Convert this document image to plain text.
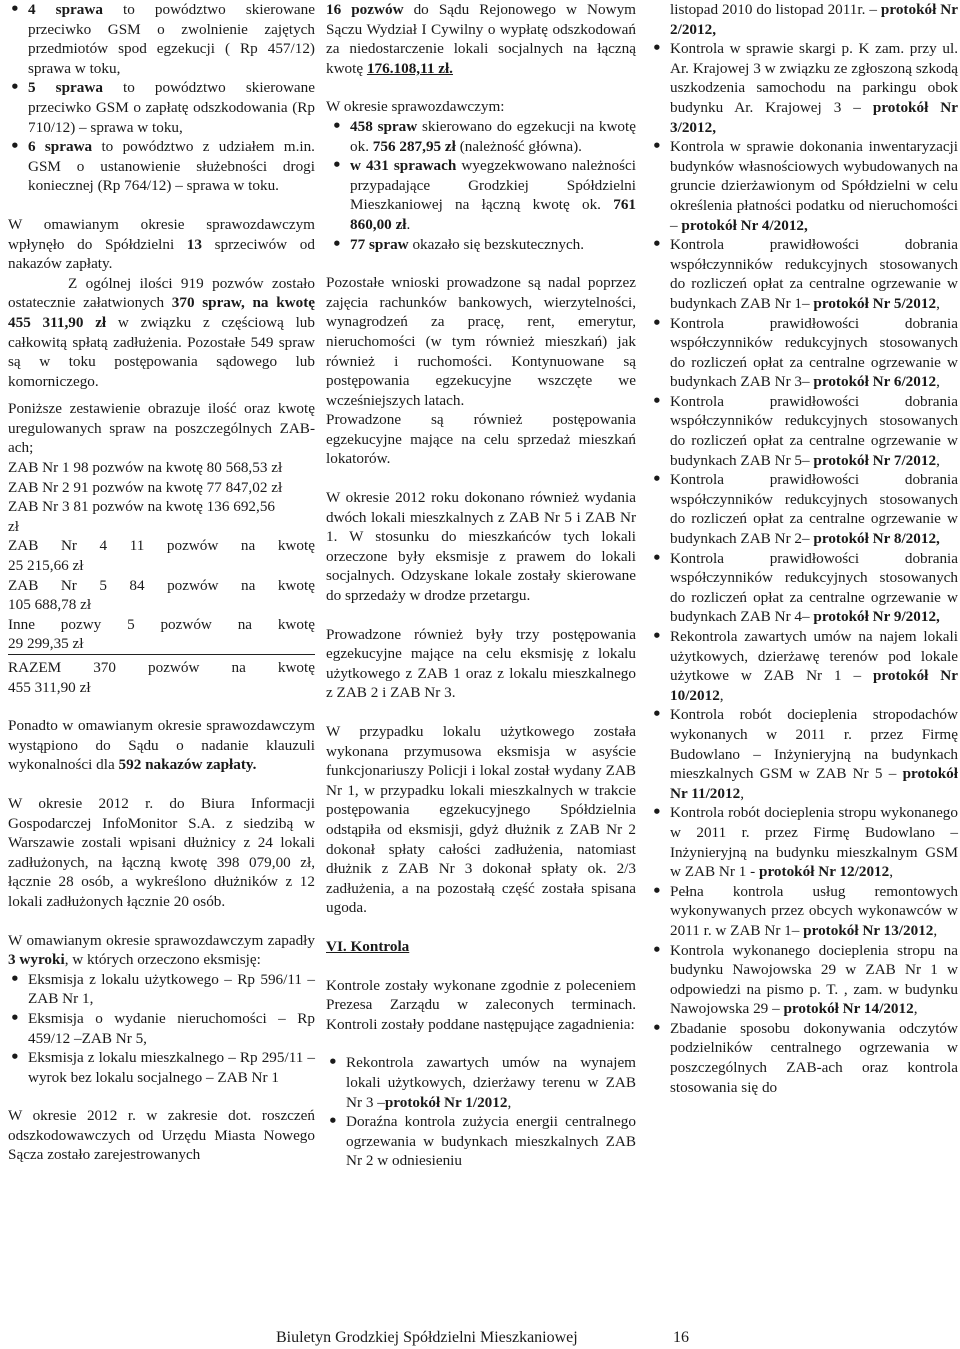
• 4 sprawa to powództwo skierowane przeciwko GSM o zwolnienie zajętych przedmiotów spod egzekucji ( Rp 457/12) sprawa w toku,
• 5 sprawa to powództwo skierowane przeciwko GSM o zapłatę odszkodowania (Rp 710/12) – sprawa w toku,
• 6 sprawa to powództwo z udziałem m.in. GSM o ustanowienie służebności drogi koniecznej (Rp 764/12) – sprawa w toku.
W omawianym okresie sprawozdawczym wpłynęło do Spółdzielni 13 sprzeciwów od nakazów zapłaty.
Z ogólnej ilości 919 pozwów zostało ostatecznie załatwionych 370 spraw, na kwotę 455 311,90 zł w związku z częściową lub całkowitą spłatą zadłużenia. Pozostałe 549 spraw są w toku postępowania sądowego lub komorniczego.
Poniższe zestawienie obrazuje ilość oraz kwotę uregulowanych spraw na poszczególnych ZAB-ach;
ZAB Nr 1 98 pozwów na kwotę 80 568,53 zł
ZAB Nr 2 91 pozwów na kwotę 77 847,02 zł
ZAB Nr 3 81 pozwów na kwotę 136 692,56
zł
ZAB Nr 4 11 pozwów na kwotę
25 215,66 zł
ZAB Nr 5 84 pozwów na kwotę
105 688,78 zł
Inne pozwy 5 pozwów na kwotę
29 299,35 zł
RAZEM 370 pozwów na kwotę
455 311,90 zł
Ponadto w omawianym okresie sprawozdawczym wystąpiono do Sądu o nadanie klauzuli wykonalności dla 592 nakazów zapłaty.
W okresie 2012 r. do Biura Informacji Gospodarczej InfoMonitor S.A. z siedzibą w Warszawie zostali wpisani dłużnicy z 24 lokali zadłużonych, na łączną kwotę 398 079,00 zł, łącznie 28 osób, a wykreślono dłużników z 12 lokali zadłużonych łącznie 20 osób.
W omawianym okresie sprawozdawczym zapadły 3 wyroki, w których orzeczono eksmisję:
• Eksmisja z lokalu użytkowego – Rp 596/11 – ZAB Nr 1,
• Eksmisja o wydanie nieruchomości – Rp 459/12 –ZAB Nr 5,
• Eksmisja z lokalu mieszkalnego – Rp 295/11 – wyrok bez lokalu socjalnego – ZAB Nr 1
W okresie 2012 r. w zakresie dot. roszczeń odszkodowawczych od Urzędu Miasta Nowego Sącza zostało zarejestrowanych
16 pozwów do Sądu Rejonowego w Nowym Sączu Wydział I Cywilny o wypłatę odszkodowań za niedostarczenie lokali socjalnych na łączną kwotę 176.108,11 zł.
W okresie sprawozdawczym:
• 458 spraw skierowano do egzekucji na kwotę ok. 756 287,95 zł (należność główna).
• w 431 sprawach wyegzekwowano należności przypadające Grodzkiej Spółdzielni Mieszkaniowej na łączną kwotę ok. 761 860,00 zł.
• 77 spraw okazało się bezskutecznych.
Pozostałe wnioski prowadzone są nadal poprzez zajęcia rachunków bankowych, wierzytelności, wynagrodzeń za pracę, rent, emerytur, nieruchomości (w tym również mieszkań) jak również i ruchomości. Kontynuowane są postępowania egzekucyjne wszczęte we wcześniejszych latach.
Prowadzone są również postępowania egzekucyjne mające na celu sprzedaż mieszkań lokatorów.
W okresie 2012 roku dokonano również wydania dwóch lokali mieszkalnych z ZAB Nr 5 i ZAB Nr 1. W stosunku do mieszkańców tych lokali orzeczone były eksmisje z prawem do lokali socjalnych. Odzyskane lokale zostały skierowane do sprzedaży w drodze przetargu.
Prowadzone również były trzy postępowania egzekucyjne mające na celu eksmisję z lokalu użytkowego z ZAB 1 oraz z lokalu mieszkalnego z ZAB 2 i ZAB Nr 3.
W przypadku lokalu użytkowego została wykonana przymusowa eksmisja w asyście funkcjonariuszy Policji i lokal został wydany ZAB Nr 1, w przypadku lokali mieszkalnych w trakcie postępowania egzekucyjnego Spółdzielnia odstąpiła od eksmisji, gdyż dłużnik z ZAB Nr 2 dokonał spłaty całości zadłużenia, natomiast dłużnik z ZAB Nr 3 dokonał spłaty ok. 2/3 zadłużenia, a na pozostałą część została spisana ugoda.
VI. Kontrola
Kontrole zostały wykonane zgodnie z poleceniem Prezesa Zarządu w zaleconych terminach. Kontroli zostały poddane następujące zagadnienia:
• Rekontrola zawartych umów na wynajem lokali użytkowych, dzierżawy terenu w ZAB Nr 3 –protokół Nr 1/2012,
• Doraźna kontrola zużycia energii centralnego ogrzewania w budynkach mieszkalnych ZAB Nr 2 w odniesieniu
listopad 2010 do listopad 2011r. – protokół Nr 2/2012,
• Kontrola w sprawie skargi p. K zam. przy ul. Ar. Krajowej 3 w związku ze zgłoszoną szkodą uszkodzenia samochodu na parkingu obok budynku Ar. Krajowej 3 – protokół Nr 3/2012,
• Kontrola w sprawie dokonania inwentaryzacji budynków własnościowych wybudowanych na gruncie dzierżawionym od Spółdzielni w celu określenia płatności podatku od nieruchomości – protokół Nr 4/2012,
• Kontrola prawidłowości dobrania współczynników redukcyjnych stosowanych do rozliczeń opłat za centralne ogrzewanie w budynkach ZAB Nr 1– protokół Nr 5/2012,
• Kontrola prawidłowości dobrania współczynników redukcyjnych stosowanych do rozliczeń opłat za centralne ogrzewanie w budynkach ZAB Nr 3– protokół Nr 6/2012,
• Kontrola prawidłowości dobrania współczynników redukcyjnych stosowanych do rozliczeń opłat za centralne ogrzewanie w budynkach ZAB Nr 5– protokół Nr 7/2012,
• Kontrola prawidłowości dobrania współczynników redukcyjnych stosowanych do rozliczeń opłat za centralne ogrzewanie w budynkach ZAB Nr 2– protokół Nr 8/2012,
• Kontrola prawidłowości dobrania współczynników redukcyjnych stosowanych do rozliczeń opłat za centralne ogrzewanie w budynkach ZAB Nr 4– protokół Nr 9/2012,
• Rekontrola zawartych umów na najem lokali użytkowych, dzierżawę terenów pod lokale użytkowe w ZAB Nr 1 – protokół Nr 10/2012,
• Kontrola robót docieplenia stropodachów wykonanych w 2011 r. przez Firmę Budowlano – Inżynieryjną na budynkach mieszkalnych GSM w ZAB Nr 5 – protokół Nr 11/2012,
• Kontrola robót docieplenia stropu wykonanego w 2011 r. przez Firmę Budowlano – Inżynieryjną na budynku mieszkalnym GSM w ZAB Nr 1 - protokół Nr 12/2012,
• Pełna kontrola usług remontowych wykonywanych przez obcych wykonawców w 2011 r. w ZAB Nr 1– protokół Nr 13/2012,
• Kontrola wykonanego docieplenia stropu na budynku Nawojowska 29 w ZAB Nr 1 w odpowiedzi na pismo p. T. , zam. w budynku Nawojowska 29 – protokół Nr 14/2012,
• Zbadanie sposobu dokonywania odczytów podzielników centralnego ogrzewania w poszczególnych ZAB-ach oraz kontrola stosowania się do
Biuletyn Grodzkiej Spółdzielni Mieszkaniowej	16
